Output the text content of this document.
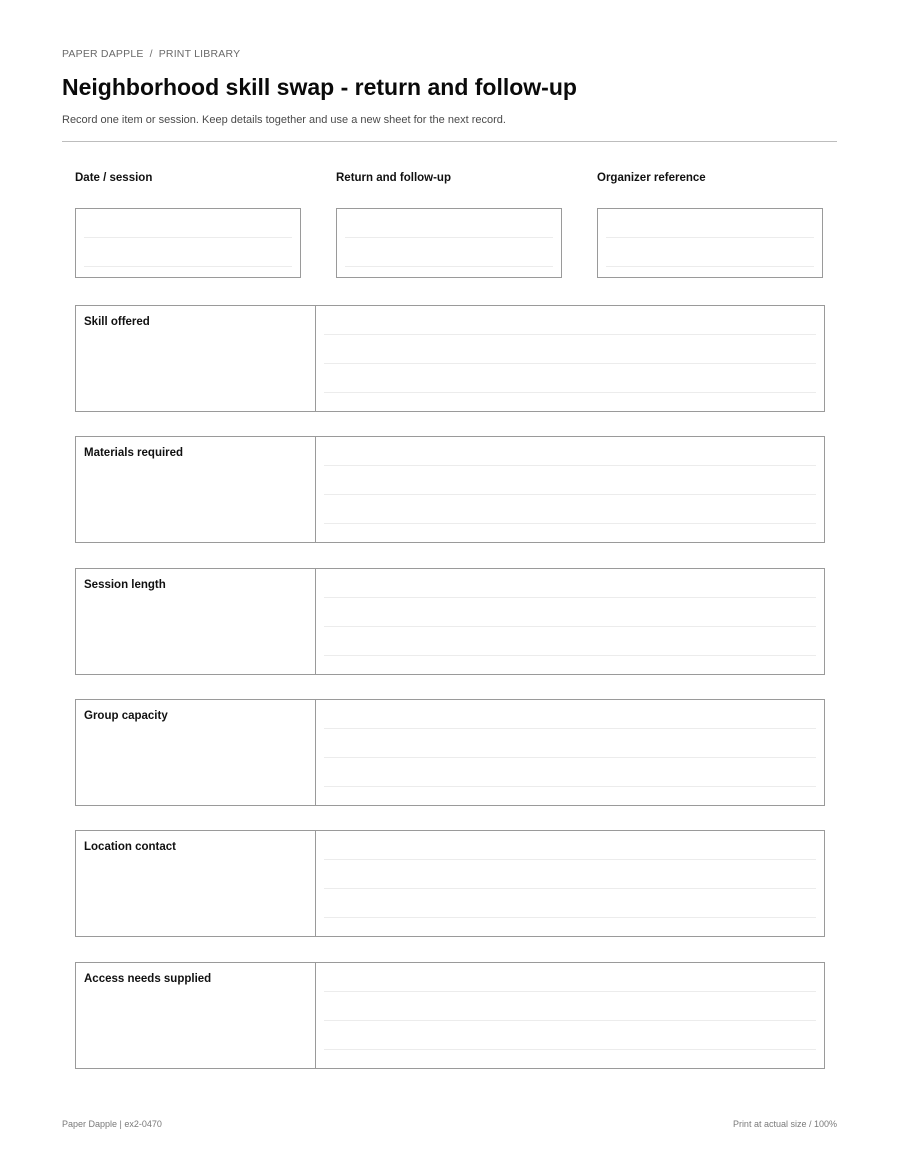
PAPER DAPPLE / PRINT LIBRARY
Neighborhood skill swap - return and follow-up
Record one item or session. Keep details together and use a new sheet for the next record.
Date / session	Return and follow-up	Organizer reference
Skill offered
Materials required
Session length
Group capacity
Location contact
Access needs supplied
Paper Dapple | ex2-0470	Print at actual size / 100%
